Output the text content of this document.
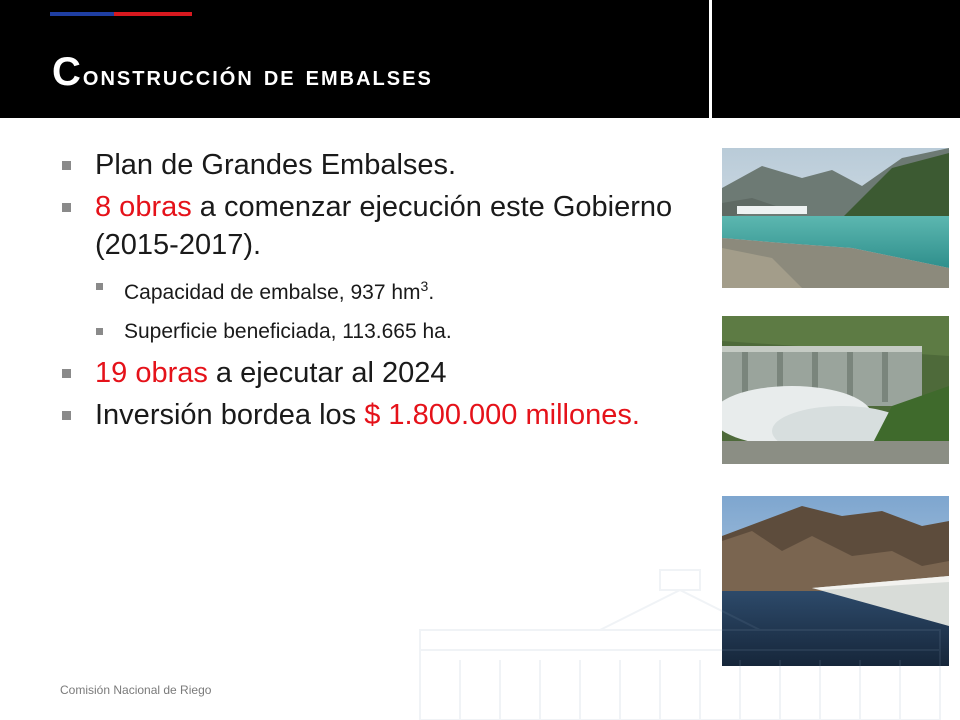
Construcción de embalses
Plan de Grandes Embalses.
8 obras a comenzar ejecución este Gobierno (2015-2017).
Capacidad de embalse, 937 $hm^3$.
Superficie beneficiada, 113.665 ha.
19 obras a ejecutar al 2024
Inversión bordea los $ 1.800.000 millones.
Comisión Nacional de Riego
